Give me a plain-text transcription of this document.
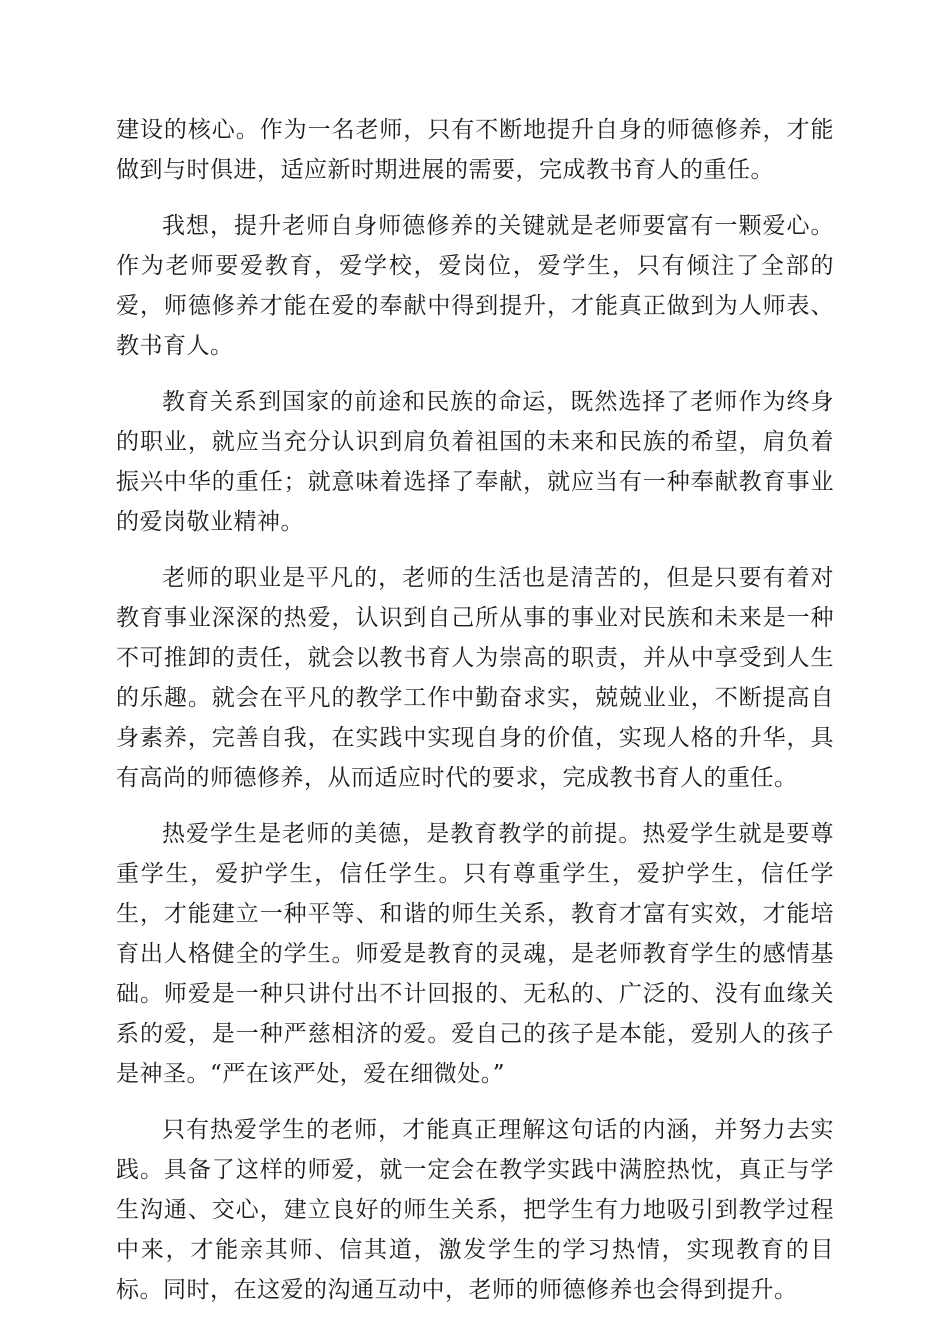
建设的核心。作为一名老师，只有不断地提升自身的师德修养，才能做到与时俱进，适应新时期进展的需要，完成教书育人的重任。

我想，提升老师自身师德修养的关键就是老师要富有一颗爱心。作为老师要爱教育，爱学校，爱岗位，爱学生，只有倾注了全部的爱，师德修养才能在爱的奉献中得到提升，才能真正做到为人师表、教书育人。

教育关系到国家的前途和民族的命运，既然选择了老师作为终身的职业，就应当充分认识到肩负着祖国的未来和民族的希望，肩负着振兴中华的重任；就意味着选择了奉献，就应当有一种奉献教育事业的爱岗敬业精神。

老师的职业是平凡的，老师的生活也是清苦的，但是只要有着对教育事业深深的热爱，认识到自己所从事的事业对民族和未来是一种不可推卸的责任，就会以教书育人为崇高的职责，并从中享受到人生的乐趣。就会在平凡的教学工作中勤奋求实，兢兢业业，不断提高自身素养，完善自我，在实践中实现自身的价值，实现人格的升华，具有高尚的师德修养，从而适应时代的要求，完成教书育人的重任。

热爱学生是老师的美德，是教育教学的前提。热爱学生就是要尊重学生，爱护学生，信任学生。只有尊重学生，爱护学生，信任学生，才能建立一种平等、和谐的师生关系，教育才富有实效，才能培育出人格健全的学生。师爱是教育的灵魂，是老师教育学生的感情基础。师爱是一种只讲付出不计回报的、无私的、广泛的、没有血缘关系的爱，是一种严慈相济的爱。爱自己的孩子是本能，爱别人的孩子是神圣。“严在该严处，爱在细微处。”

只有热爱学生的老师，才能真正理解这句话的内涵，并努力去实践。具备了这样的师爱，就一定会在教学实践中满腔热忱，真正与学生沟通、交心，建立良好的师生关系，把学生有力地吸引到教学过程中来，才能亲其师、信其道，激发学生的学习热情，实现教育的目标。同时，在这爱的沟通互动中，老师的师德修养也会得到提升。
